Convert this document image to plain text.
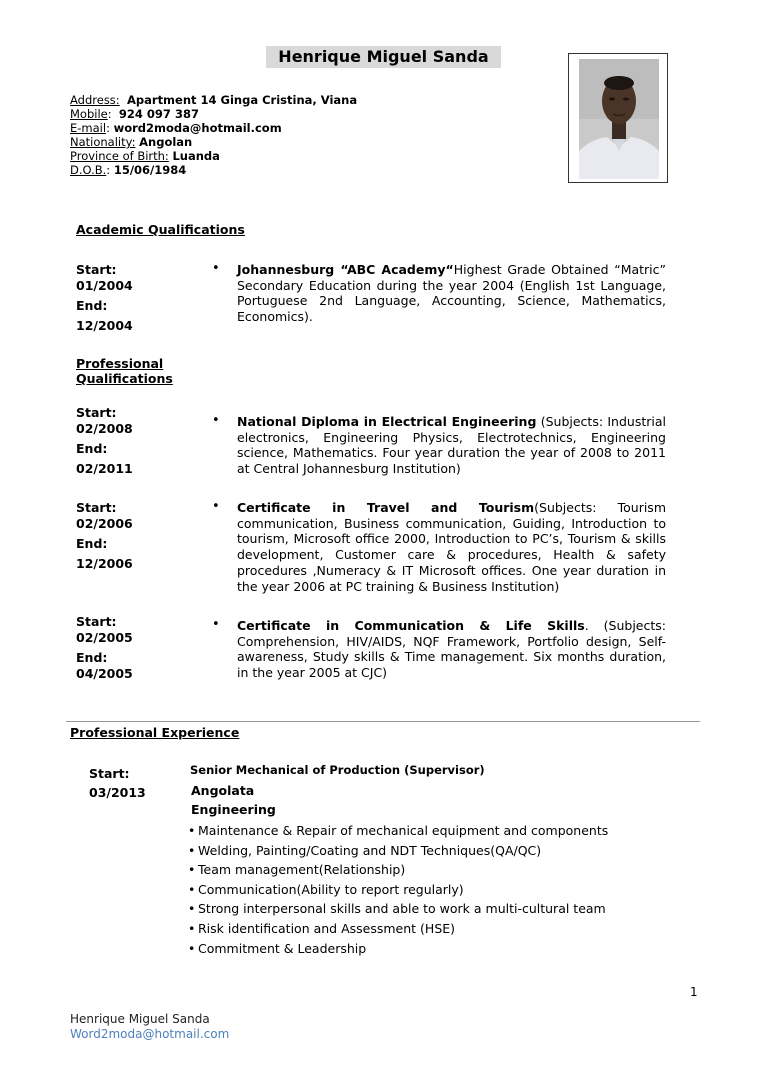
Henrique Miguel Sanda
Address: Apartment 14 Ginga Cristina, Viana
Mobile:  924 097 387
E-mail: word2moda@hotmail.com
Nationality: Angolan
Province of Birth: Luanda
D.O.B.: 15/06/1984
Academic Qualifications
Start:
01/2004
End:
12/2004
• Johannesburg “ABC Academy“Highest Grade Obtained “Matric” Secondary Education during the year 2004 (English 1st Language, Portuguese 2nd Language, Accounting, Science, Mathematics, Economics).
Professional
Qualifications
Start:
02/2008
End:
02/2011
• National Diploma in Electrical Engineering (Subjects: Industrial electronics, Engineering Physics, Electrotechnics, Engineering science, Mathematics. Four year duration the year of 2008 to 2011 at Central Johannesburg Institution)
Start:
02/2006
End:
12/2006
• Certificate in Travel and Tourism(Subjects: Tourism communication, Business communication, Guiding, Introduction to tourism, Microsoft office 2000, Introduction to PC’s, Tourism & skills development, Customer care & procedures, Health & safety procedures ,Numeracy & IT Microsoft offices. One year duration in the year 2006 at PC training & Business Institution)
Start:
02/2005
End:
04/2005
• Certificate in Communication & Life Skills. (Subjects: Comprehension, HIV/AIDS, NQF Framework, Portfolio design, Self-awareness, Study skills & Time management. Six months duration, in the year 2005 at CJC)
Professional Experience
Start:
03/2013
Senior Mechanical of Production (Supervisor)
Angolata
Engineering
• Maintenance & Repair of mechanical equipment and components
• Welding, Painting/Coating and NDT Techniques(QA/QC)
• Team management(Relationship)
• Communication(Ability to report regularly)
• Strong interpersonal skills and able to work a multi-cultural team
• Risk identification and Assessment (HSE)
• Commitment & Leadership
1
Henrique Miguel Sanda
Word2moda@hotmail.com
